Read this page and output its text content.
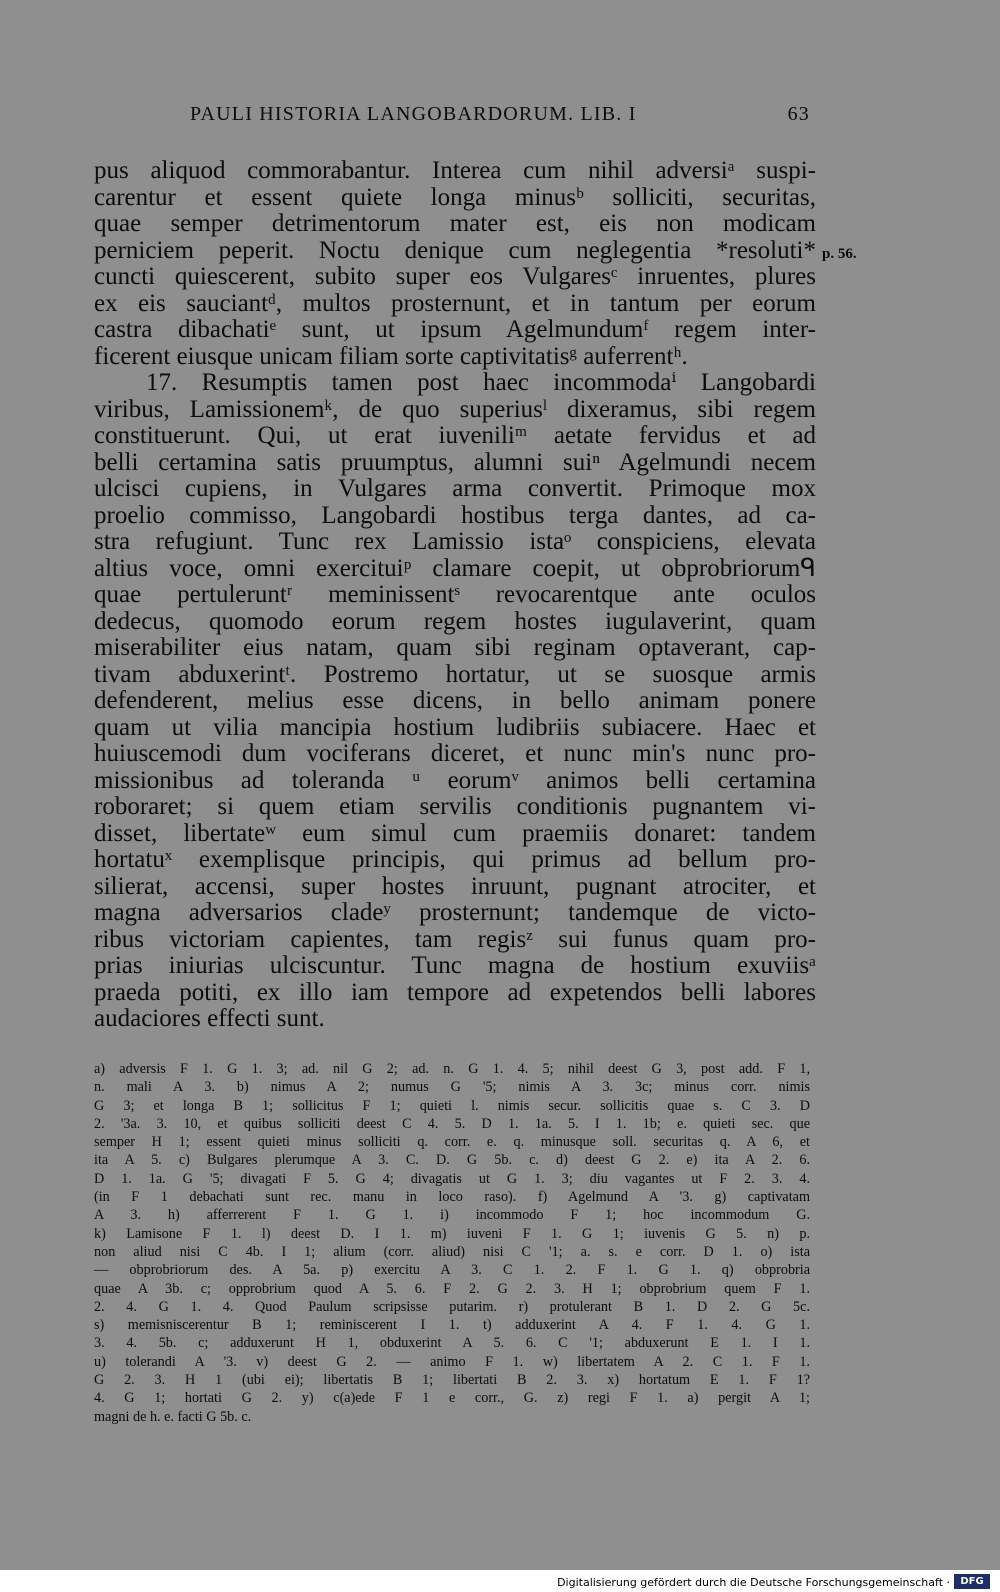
PAULI HISTORIA LANGOBARDORUM. LIB. I	63
p. 56.
pus aliquod commorabantur. Interea cum nihil adversiᵃ suspi-
carentur et essent quiete longa minusᵇ solliciti, securitas,
quae semper detrimentorum mater est, eis non modicam
perniciem peperit. Noctu denique cum neglegentia *resoluti*
cuncti quiescerent, subito super eos Vulgaresᶜ inruentes, plures
ex eis sauciantᵈ, multos prosternunt, et in tantum per eorum
castra dibachatiᵉ sunt, ut ipsum Agelmundumᶠ regem inter-
ficerent eiusque unicam filiam sorte captivitatisᵍ auferrentʰ.
17. Resumptis tamen post haec incommodaⁱ Langobardi
viribus, Lamissionemᵏ, de quo superiusˡ dixeramus, sibi regem
constituerunt. Qui, ut erat iuveniliᵐ aetate fervidus et ad
belli certamina satis pruumptus, alumni suiⁿ Agelmundi necem
ulcisci cupiens, in Vulgares arma convertit. Primoque mox
proelio commisso, Langobardi hostibus terga dantes, ad ca-
stra refugiunt. Tunc rex Lamissio istaᵒ conspiciens, elevata
altius voce, omni exercituiᵖ clamare coepit, ut obprobriorumᑫ
quae pertuleruntʳ meminissentˢ revocarentque ante oculos
dedecus, quomodo eorum regem hostes iugulaverint, quam
miserabiliter eius natam, quam sibi reginam optaverant, cap-
tivam abduxerintᵗ. Postremo hortatur, ut se suosque armis
defenderent, melius esse dicens, in bello animam ponere
quam ut vilia mancipia hostium ludibriis subiacere. Haec et
huiuscemodi dum vociferans diceret, et nunc min's nunc pro-
missionibus ad toleranda ᵘ eorumᵛ animos belli certamina
roboraret; si quem etiam servilis conditionis pugnantem vi-
disset, libertateʷ eum simul cum praemiis donaret: tandem
hortatuˣ exemplisque principis, qui primus ad bellum pro-
silierat, accensi, super hostes inruunt, pugnant atrociter, et
magna adversarios cladeʸ prosternunt; tandemque de victo-
ribus victoriam capientes, tam regisᶻ sui funus quam pro-
prias iniurias ulciscuntur. Tunc magna de hostium exuviisᵃ
praeda potiti, ex illo iam tempore ad expetendos belli labores
audaciores effecti sunt.
a) adversis F 1. G 1. 3; ad. nil G 2; ad. n. G 1. 4. 5; nihil deest G 3, post add. F 1,
n. mali A 3. b) nimus A 2; numus G '5; nimis A 3. 3c; minus corr. nimis
G 3; et longa B 1; sollicitus F 1; quieti l. nimis secur. sollicitis quae s. C 3. D
2. '3a. 3. 10, et quibus solliciti deest C 4. 5. D 1. 1a. 5. I 1. 1b; e. quieti sec. que
semper H 1; essent quieti minus solliciti q. corr. e. q. minusque soll. securitas q. A 6, et
ita A 5. c) Bulgares plerumque A 3. C. D. G 5b. c. d) deest G 2. e) ita A 2. 6.
D 1. 1a. G '5; divagati F 5. G 4; divagatis ut G 1. 3; diu vagantes ut F 2. 3. 4.
(in F 1 debachati sunt rec. manu in loco raso). f) Agelmund A '3. g) captivatam
A 3. h) afferrerent F 1. G 1. i) incommodo F 1; hoc incommodum G.
k) Lamisone F 1. l) deest D. I 1. m) iuveni F 1. G 1; iuvenis G 5. n) p.
non aliud nisi C 4b. I 1; alium (corr. aliud) nisi C '1; a. s. e corr. D 1. o) ista
— obprobriorum des. A 5a. p) exercitu A 3. C 1. 2. F 1. G 1. q) obprobria
quae A 3b. c; opprobrium quod A 5. 6. F 2. G 2. 3. H 1; obprobrium quem F 1.
2. 4. G 1. 4. Quod Paulum scripsisse putarim. r) protulerant B 1. D 2. G 5c.
s) memisniscerentur B 1; reminiscerent I 1. t) adduxerint A 4. F 1. 4. G 1.
3. 4. 5b. c; adduxerunt H 1, obduxerint A 5. 6. C '1; abduxerunt E 1. I 1.
u) tolerandi A '3. v) deest G 2. — animo F 1. w) libertatem A 2. C 1. F 1.
G 2. 3. H 1 (ubi ei); libertatis B 1; libertati B 2. 3. x) hortatum E 1. F 1?
4. G 1; hortati G 2. y) c(a)ede F 1 e corr., G. z) regi F 1. a) pergit A 1;
magni de h. e. facti G 5b. c.
Digitalisierung gefördert durch die Deutsche Forschungsgemeinschaft ·	DFG
